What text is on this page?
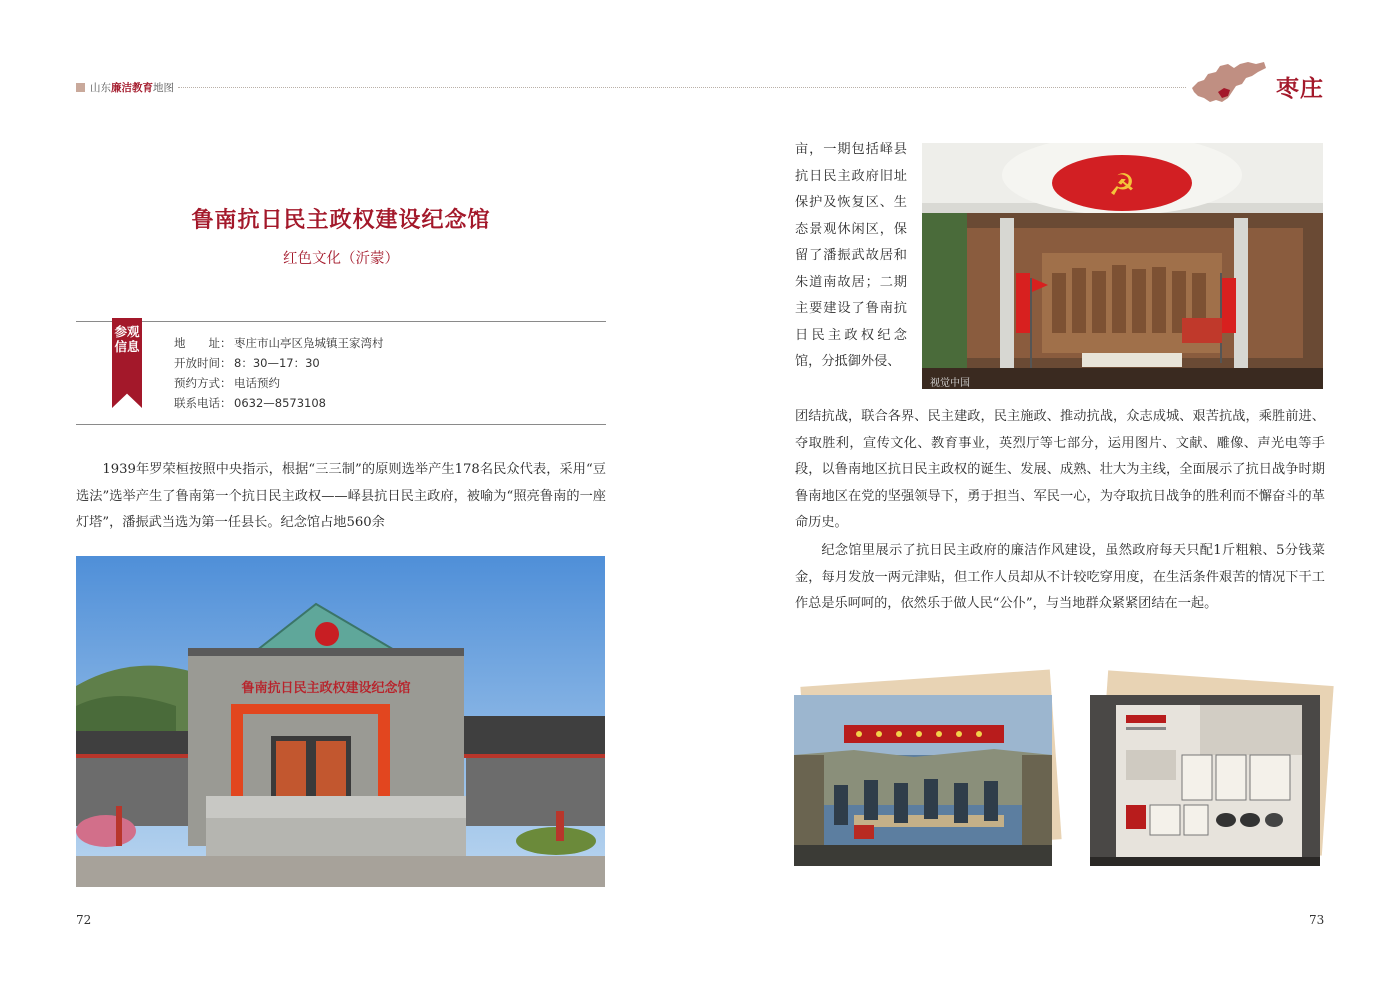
山东廉洁教育地图	枣庄
鲁南抗日民主政权建设纪念馆
红色文化（沂蒙）
参观信息	地　　址： 枣庄市山亭区凫城镇王家湾村
开放时间： 8：30—17：30
预约方式： 电话预约
联系电话： 0632—8573108
1939年罗荣桓按照中央指示，根据“三三制”的原则选举产生178名民众代表，采用“豆选法”选举产生了鲁南第一个抗日民主政权——峄县抗日民主政府，被喻为“照亮鲁南的一座灯塔”，潘振武当选为第一任县长。纪念馆占地560余
鲁南抗日民主政权建设纪念馆
72
亩，一期包括峄县抗日民主政府旧址保护及恢复区、生态景观休闲区，保留了潘振武故居和朱道南故居；二期主要建设了鲁南抗日民主政权纪念馆，分抵御外侵、
☭
视觉中国
团结抗战，联合各界、民主建政，民主施政、推动抗战，众志成城、艰苦抗战，乘胜前进、夺取胜利，宣传文化、教育事业，英烈厅等七部分，运用图片、文献、雕像、声光电等手段，以鲁南地区抗日民主政权的诞生、发展、成熟、壮大为主线，全面展示了抗日战争时期鲁南地区在党的坚强领导下，勇于担当、军民一心，为夺取抗日战争的胜利而不懈奋斗的革命历史。
纪念馆里展示了抗日民主政府的廉洁作风建设，虽然政府每天只配1斤粗粮、5分钱菜金，每月发放一两元津贴，但工作人员却从不计较吃穿用度，在生活条件艰苦的情况下干工作总是乐呵呵的，依然乐于做人民“公仆”，与当地群众紧紧团结在一起。
73
